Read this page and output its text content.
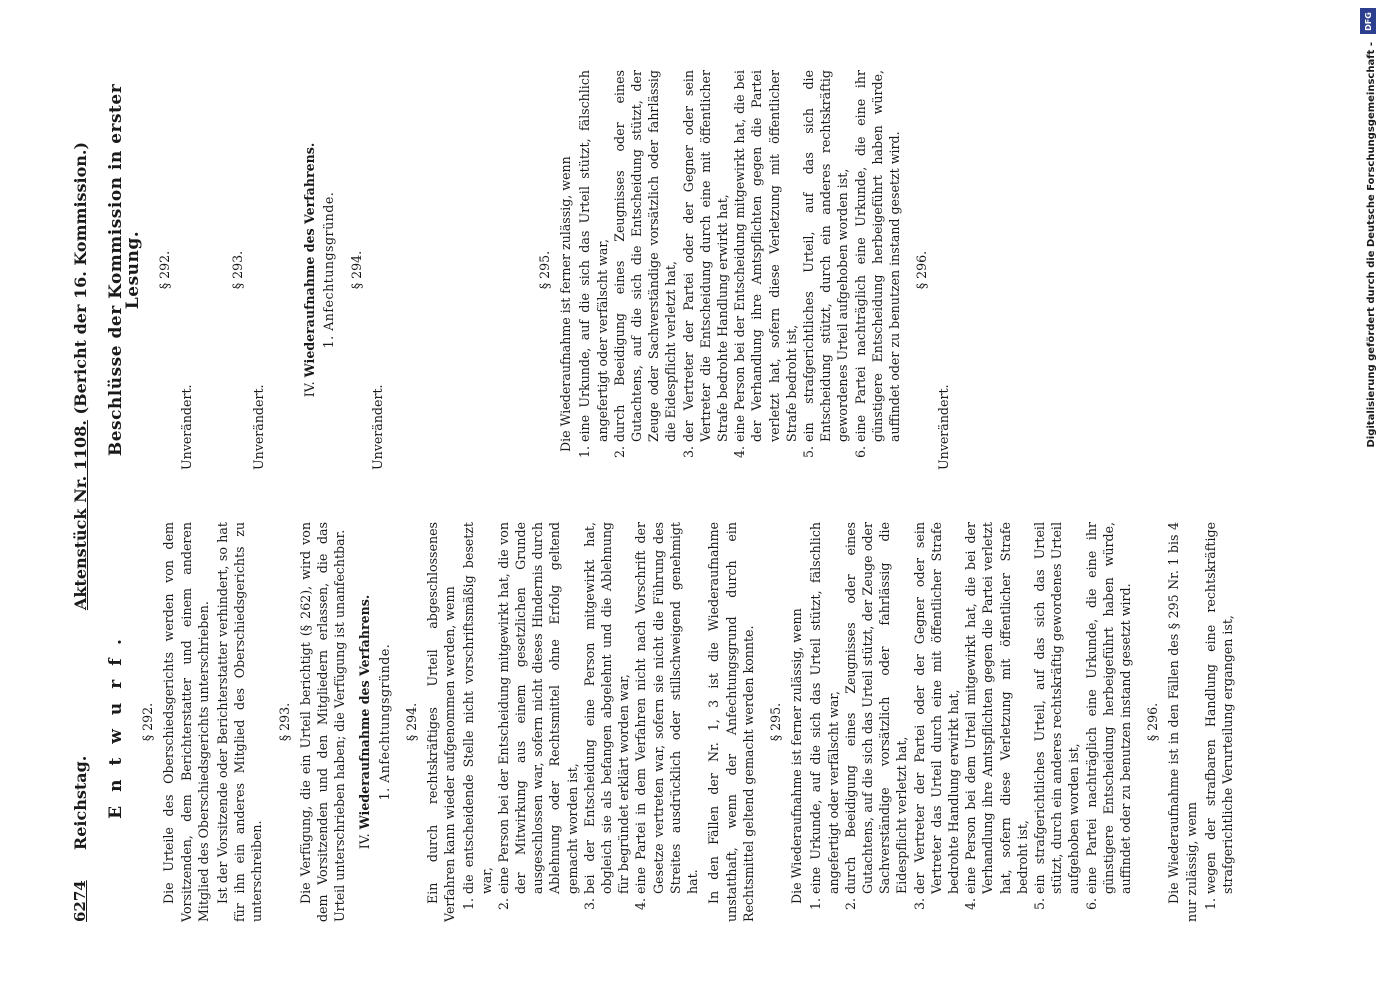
6274
Reichstag. Aktenstück Nr. 1108. (Bericht der 16. Kommission.)
Entwurf. § 292. Die Urteile des Oberschiedsgerichts werden von dem Vorsitzenden, dem Berichterstatter und einem anderen Mitglied des Oberschiedsgerichts unterschrieben. Ist der Vorsitzende oder Berichterstatter verhindert, so hat für ihn ein anderes Mitglied des Oberschiedsgerichts zu unterschreiben.

§ 293. Die Verfügung, die ein Urteil berichtigt (§ 262), wird von dem Vorsitzenden und den Mitgliedern erlassen, die das Urteil unterschrieben haben; die Verfügung ist unanfechtbar. IV. Wiederaufnahme des Verfahrens. 1. Anfechtungsgründe. § 294. Ein durch rechtskräftiges Urteil abgeschlossenes Verfahren kann wieder aufgenommen werden, wenn 1. die entscheidende Stelle nicht vorschriftsmäßig besetzt war, 2. eine Person bei der Entscheidung mitgewirkt hat, die von der Mitwirkung aus einem gesetzlichen Grunde ausgeschlossen war, sofern nicht dieses Hindernis durch Ablehnung oder Rechtsmittel ohne Erfolg geltend gemacht worden ist, 3. bei der Entscheidung eine Person mitgewirkt hat, obgleich sie als befangen abgelehnt und die Ablehnung für begründet erklärt worden war, 4. eine Partei in dem Verfahren nicht nach Vorschrift der Gesetze vertreten war, sofern sie nicht die Führung des Streites ausdrücklich oder stillschweigend genehmigt hat. In den Fällen der Nr. 1, 3 ist die Wiederaufnahme unstatthaft, wenn der Anfechtungsgrund durch ein Rechtsmittel geltend gemacht werden konnte. § 295. Die Wiederaufnahme ist ferner zulässig, wenn 1. eine Urkunde, auf die sich das Urteil stützt, fälschlich angefertigt oder verfälscht war, 2. durch Beeidigung eines Zeugnisses oder eines Gutachtens, auf die sich das Urteil stützt, der Zeuge oder Sachverständige vorsätzlich oder fahrlässig die Eidespflicht verletzt hat, 3. der Vertreter der Partei oder der Gegner oder sein Vertreter das Urteil durch eine mit öffentlicher Strafe bedrohte Handlung erwirkt hat, 4. eine Person bei dem Urteil mitgewirkt hat, die bei der Verhandlung ihre Amtspflichten gegen die Partei verletzt hat, sofern diese Verletzung mit öffentlicher Strafe bedroht ist, 5. ein strafgerichtliches Urteil, auf das sich das Urteil stützt, durch ein anderes rechtskräftig gewordenes Urteil aufgehoben worden ist, 6. eine Partei nachträglich eine Urkunde, die eine ihr günstigere Entscheidung herbeigeführt haben würde, auffindet oder zu benutzen instand gesetzt wird. § 296. Die Wiederaufnahme ist in den Fällen des § 295 Nr. 1 bis 4 nur zulässig, wenn 1. wegen der strafbaren Handlung eine rechtskräftige strafgerichtliche Verurteilung ergangen ist,
Beschlüsse der Kommission in erster Lesung. § 292.

Unverändert.

§ 293.

Unverändert.	IV. Wiederaufnahme des Verfahrens. 1. Anfechtungsgründe. § 294.

Unverändert.

§ 295. Die Wiederaufnahme ist ferner zulässig, wenn 1. eine Urkunde, auf die sich das Urteil stützt, fälschlich angefertigt oder verfälscht war, 2. durch Beeidigung eines Zeugnisses oder eines Gutachtens, auf die sich die Entscheidung stützt, der Zeuge oder Sachverständige vorsätzlich oder fahrlässig die Eidespflicht verletzt hat, 3. der Vertreter der Partei oder der Gegner oder sein Vertreter die Entscheidung durch eine mit öffentlicher Strafe bedrohte Handlung erwirkt hat, 4. eine Person bei der Entscheidung mitgewirkt hat, die bei der Verhandlung ihre Amtspflichten gegen die Partei verletzt hat, sofern diese Verletzung mit öffentlicher Strafe bedroht ist, 5. ein strafgerichtliches Urteil, auf das sich die Entscheidung stützt, durch ein anderes rechtskräftig gewordenes Urteil aufgehoben worden ist, 6. eine Partei nachträglich eine Urkunde, die eine ihr günstigere Entscheidung herbeigeführt haben würde, auffindet oder zu benutzen instand gesetzt wird. § 296.

Unverändert.

DFG
Digitalisierung gefördert durch die Deutsche Forschungsgemeinschaft -
